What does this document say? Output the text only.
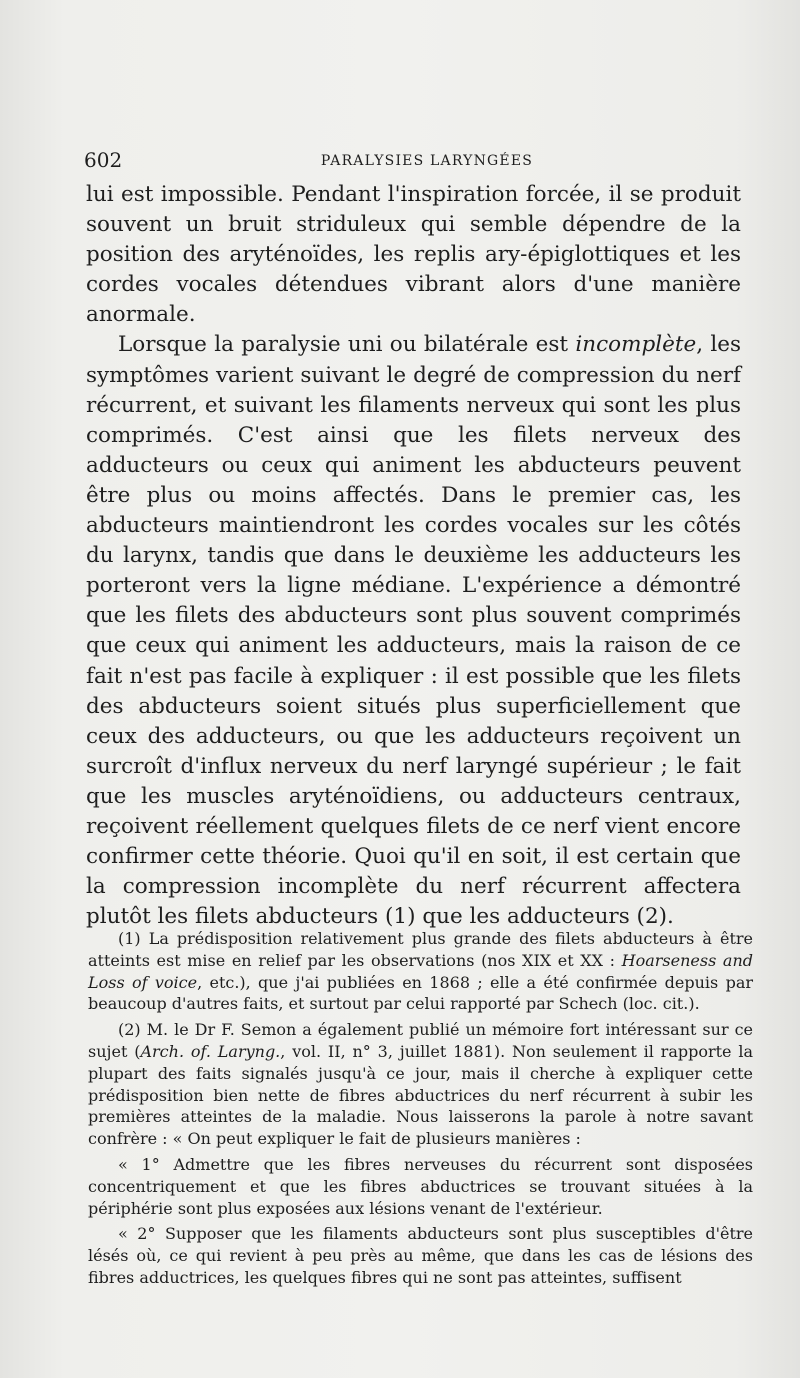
602	PARALYSIES LARYNGÉES

lui est impossible. Pendant l'inspiration forcée, il se produit souvent un bruit striduleux qui semble dépendre de la position des aryténoïdes, les replis ary-épiglottiques et les cordes vocales détendues vibrant alors d'une manière anormale.

Lorsque la paralysie uni ou bilatérale est incomplète, les symptômes varient suivant le degré de compression du nerf récurrent, et suivant les filaments nerveux qui sont les plus comprimés. C'est ainsi que les filets nerveux des adducteurs ou ceux qui animent les abducteurs peuvent être plus ou moins affectés. Dans le premier cas, les abducteurs maintiendront les cordes vocales sur les côtés du larynx, tandis que dans le deuxième les adducteurs les porteront vers la ligne médiane. L'expérience a démontré que les filets des abducteurs sont plus souvent comprimés que ceux qui animent les adducteurs, mais la raison de ce fait n'est pas facile à expliquer : il est possible que les filets des abducteurs soient situés plus superficiellement que ceux des adducteurs, ou que les adducteurs reçoivent un surcroît d'influx nerveux du nerf laryngé supérieur ; le fait que les muscles aryténoïdiens, ou adducteurs centraux, reçoivent réellement quelques filets de ce nerf vient encore confirmer cette théorie. Quoi qu'il en soit, il est certain que la compression incomplète du nerf récurrent affectera plutôt les filets abducteurs (1) que les adducteurs (2).

(1) La prédisposition relativement plus grande des filets abducteurs à être atteints est mise en relief par les observations (nos XIX et XX : Hoarseness and Loss of voice, etc.), que j'ai publiées en 1868 ; elle a été confirmée depuis par beaucoup d'autres faits, et surtout par celui rapporté par Schech (loc. cit.).

(2) M. le Dr F. Semon a également publié un mémoire fort intéressant sur ce sujet (Arch. of. Laryng., vol. II, n° 3, juillet 1881). Non seulement il rapporte la plupart des faits signalés jusqu'à ce jour, mais il cherche à expliquer cette prédisposition bien nette de fibres abductrices du nerf récurrent à subir les premières atteintes de la maladie. Nous laisserons la parole à notre savant confrère : « On peut expliquer le fait de plusieurs manières :

« 1° Admettre que les fibres nerveuses du récurrent sont disposées concentriquement et que les fibres abductrices se trouvant situées à la périphérie sont plus exposées aux lésions venant de l'extérieur.

« 2° Supposer que les filaments abducteurs sont plus susceptibles d'être lésés où, ce qui revient à peu près au même, que dans les cas de lésions des fibres adductrices, les quelques fibres qui ne sont pas atteintes, suffisent
